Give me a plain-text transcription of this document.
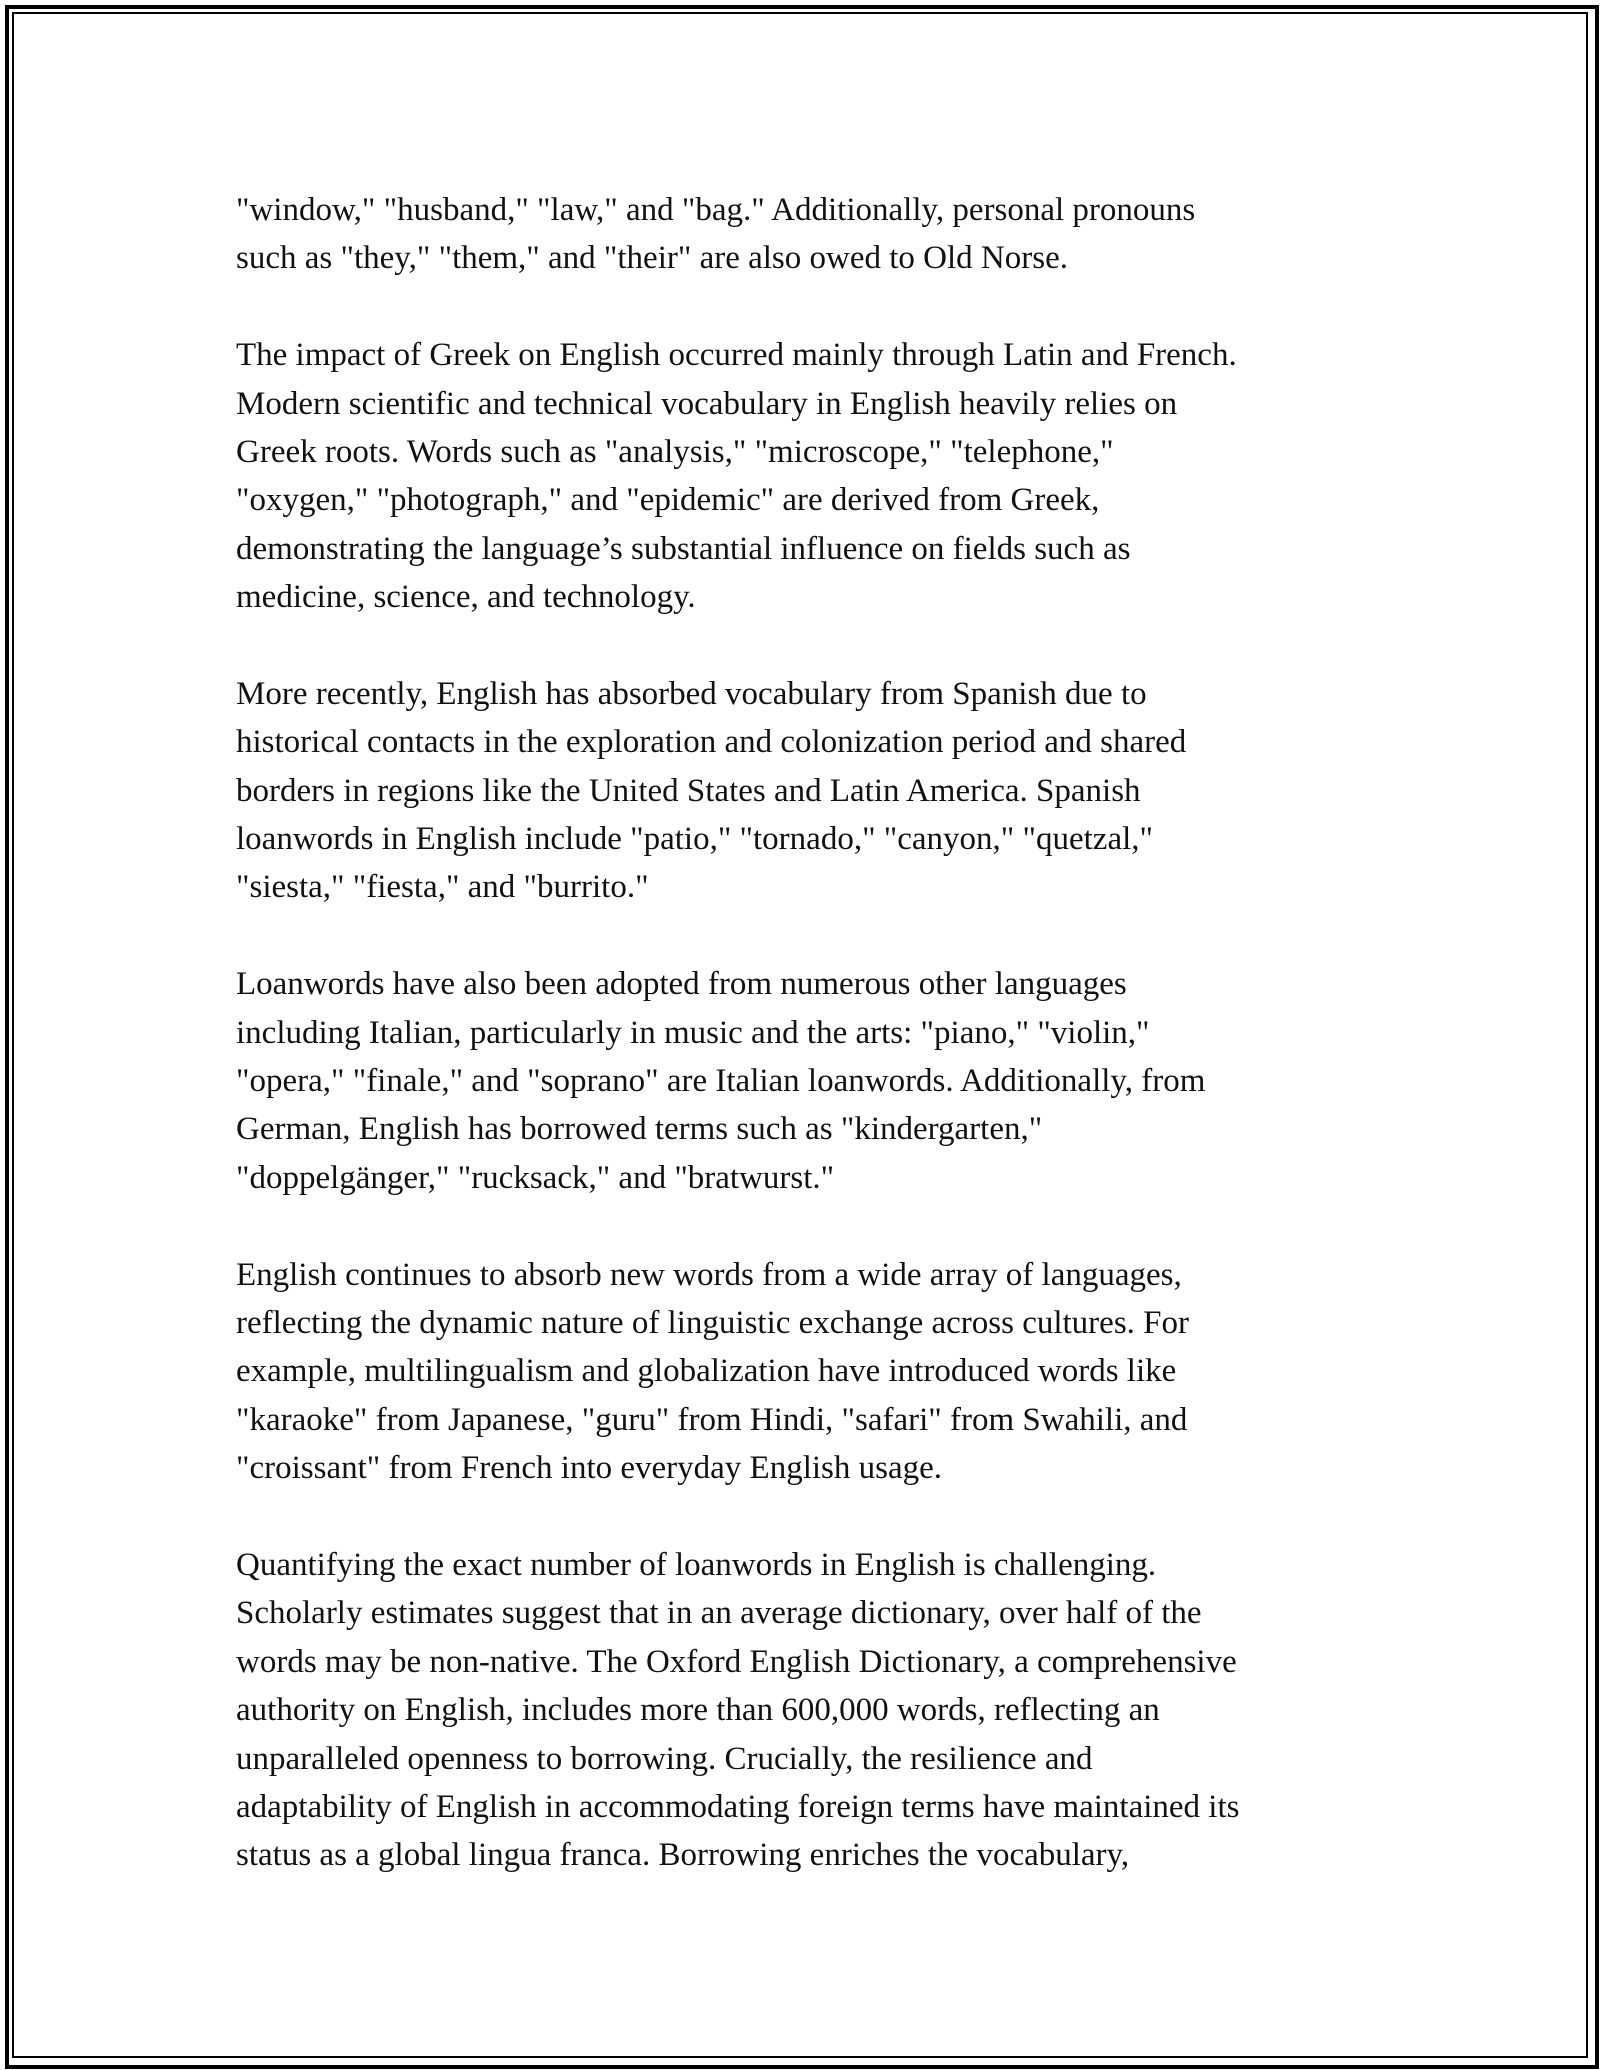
"window," "husband," "law," and "bag." Additionally, personal pronouns
such as "they," "them," and "their" are also owed to Old Norse.

The impact of Greek on English occurred mainly through Latin and French.
Modern scientific and technical vocabulary in English heavily relies on
Greek roots. Words such as "analysis," "microscope," "telephone,"
"oxygen," "photograph," and "epidemic" are derived from Greek,
demonstrating the language’s substantial influence on fields such as
medicine, science, and technology.

More recently, English has absorbed vocabulary from Spanish due to
historical contacts in the exploration and colonization period and shared
borders in regions like the United States and Latin America. Spanish
loanwords in English include "patio," "tornado," "canyon," "quetzal,"
"siesta," "fiesta," and "burrito."

Loanwords have also been adopted from numerous other languages
including Italian, particularly in music and the arts: "piano," "violin,"
"opera," "finale," and "soprano" are Italian loanwords. Additionally, from
German, English has borrowed terms such as "kindergarten,"
"doppelgänger," "rucksack," and "bratwurst."

English continues to absorb new words from a wide array of languages,
reflecting the dynamic nature of linguistic exchange across cultures. For
example, multilingualism and globalization have introduced words like
"karaoke" from Japanese, "guru" from Hindi, "safari" from Swahili, and
"croissant" from French into everyday English usage.

Quantifying the exact number of loanwords in English is challenging.
Scholarly estimates suggest that in an average dictionary, over half of the
words may be non-native. The Oxford English Dictionary, a comprehensive
authority on English, includes more than 600,000 words, reflecting an
unparalleled openness to borrowing. Crucially, the resilience and
adaptability of English in accommodating foreign terms have maintained its
status as a global lingua franca. Borrowing enriches the vocabulary,
